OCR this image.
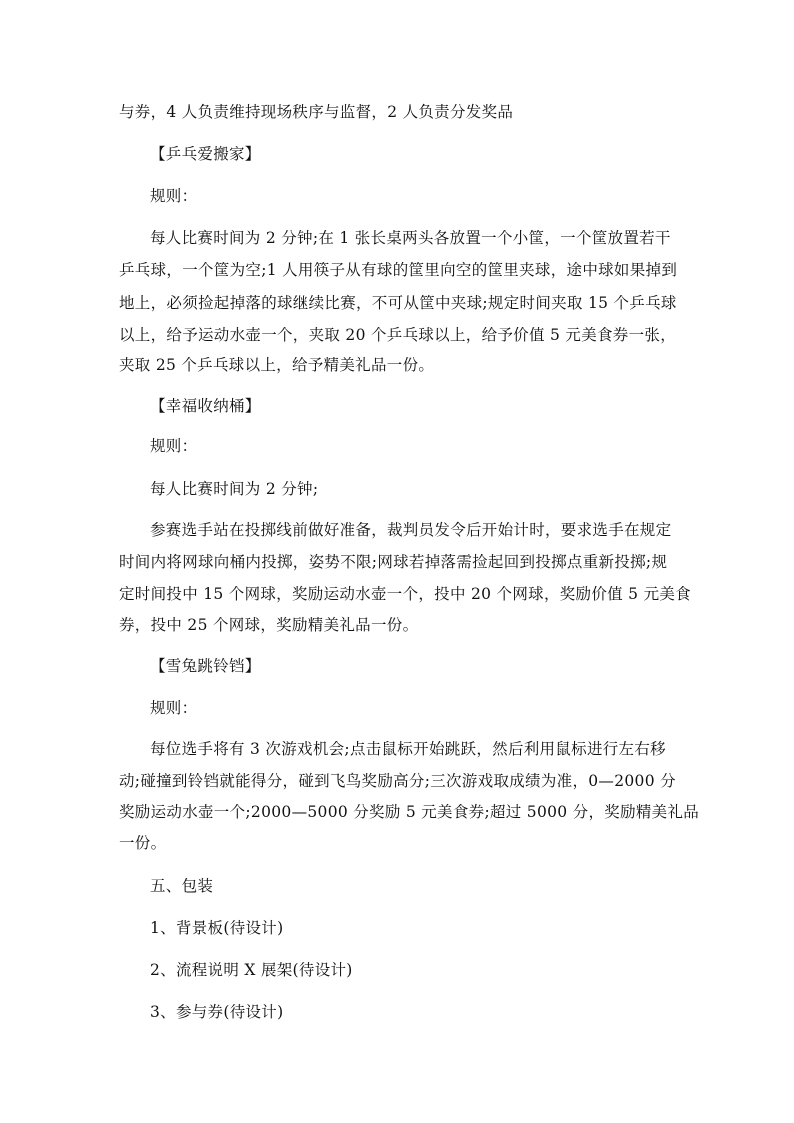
与券，4 人负责维持现场秩序与监督，2 人负责分发奖品
【乒乓爱搬家】
规则：
每人比赛时间为 2 分钟;在 1 张长桌两头各放置一个小筐，一个筐放置若干
乒乓球，一个筐为空;1 人用筷子从有球的筐里向空的筐里夹球，途中球如果掉到
地上，必须捡起掉落的球继续比赛，不可从筐中夹球;规定时间夹取 15 个乒乓球
以上，给予运动水壶一个，夹取 20 个乒乓球以上，给予价值 5 元美食券一张，
夹取 25 个乒乓球以上，给予精美礼品一份。
【幸福收纳桶】
规则：
每人比赛时间为 2 分钟;
参赛选手站在投掷线前做好准备，裁判员发令后开始计时，要求选手在规定
时间内将网球向桶内投掷，姿势不限;网球若掉落需捡起回到投掷点重新投掷;规
定时间投中 15 个网球，奖励运动水壶一个，投中 20 个网球，奖励价值 5 元美食
券，投中 25 个网球，奖励精美礼品一份。
【雪兔跳铃铛】
规则：
每位选手将有 3 次游戏机会;点击鼠标开始跳跃，然后利用鼠标进行左右移
动;碰撞到铃铛就能得分，碰到飞鸟奖励高分;三次游戏取成绩为准，0—2000 分
奖励运动水壶一个;2000—5000 分奖励 5 元美食券;超过 5000 分，奖励精美礼品
一份。
五、包装
1、背景板(待设计)
2、流程说明 X 展架(待设计)
3、参与券(待设计)
